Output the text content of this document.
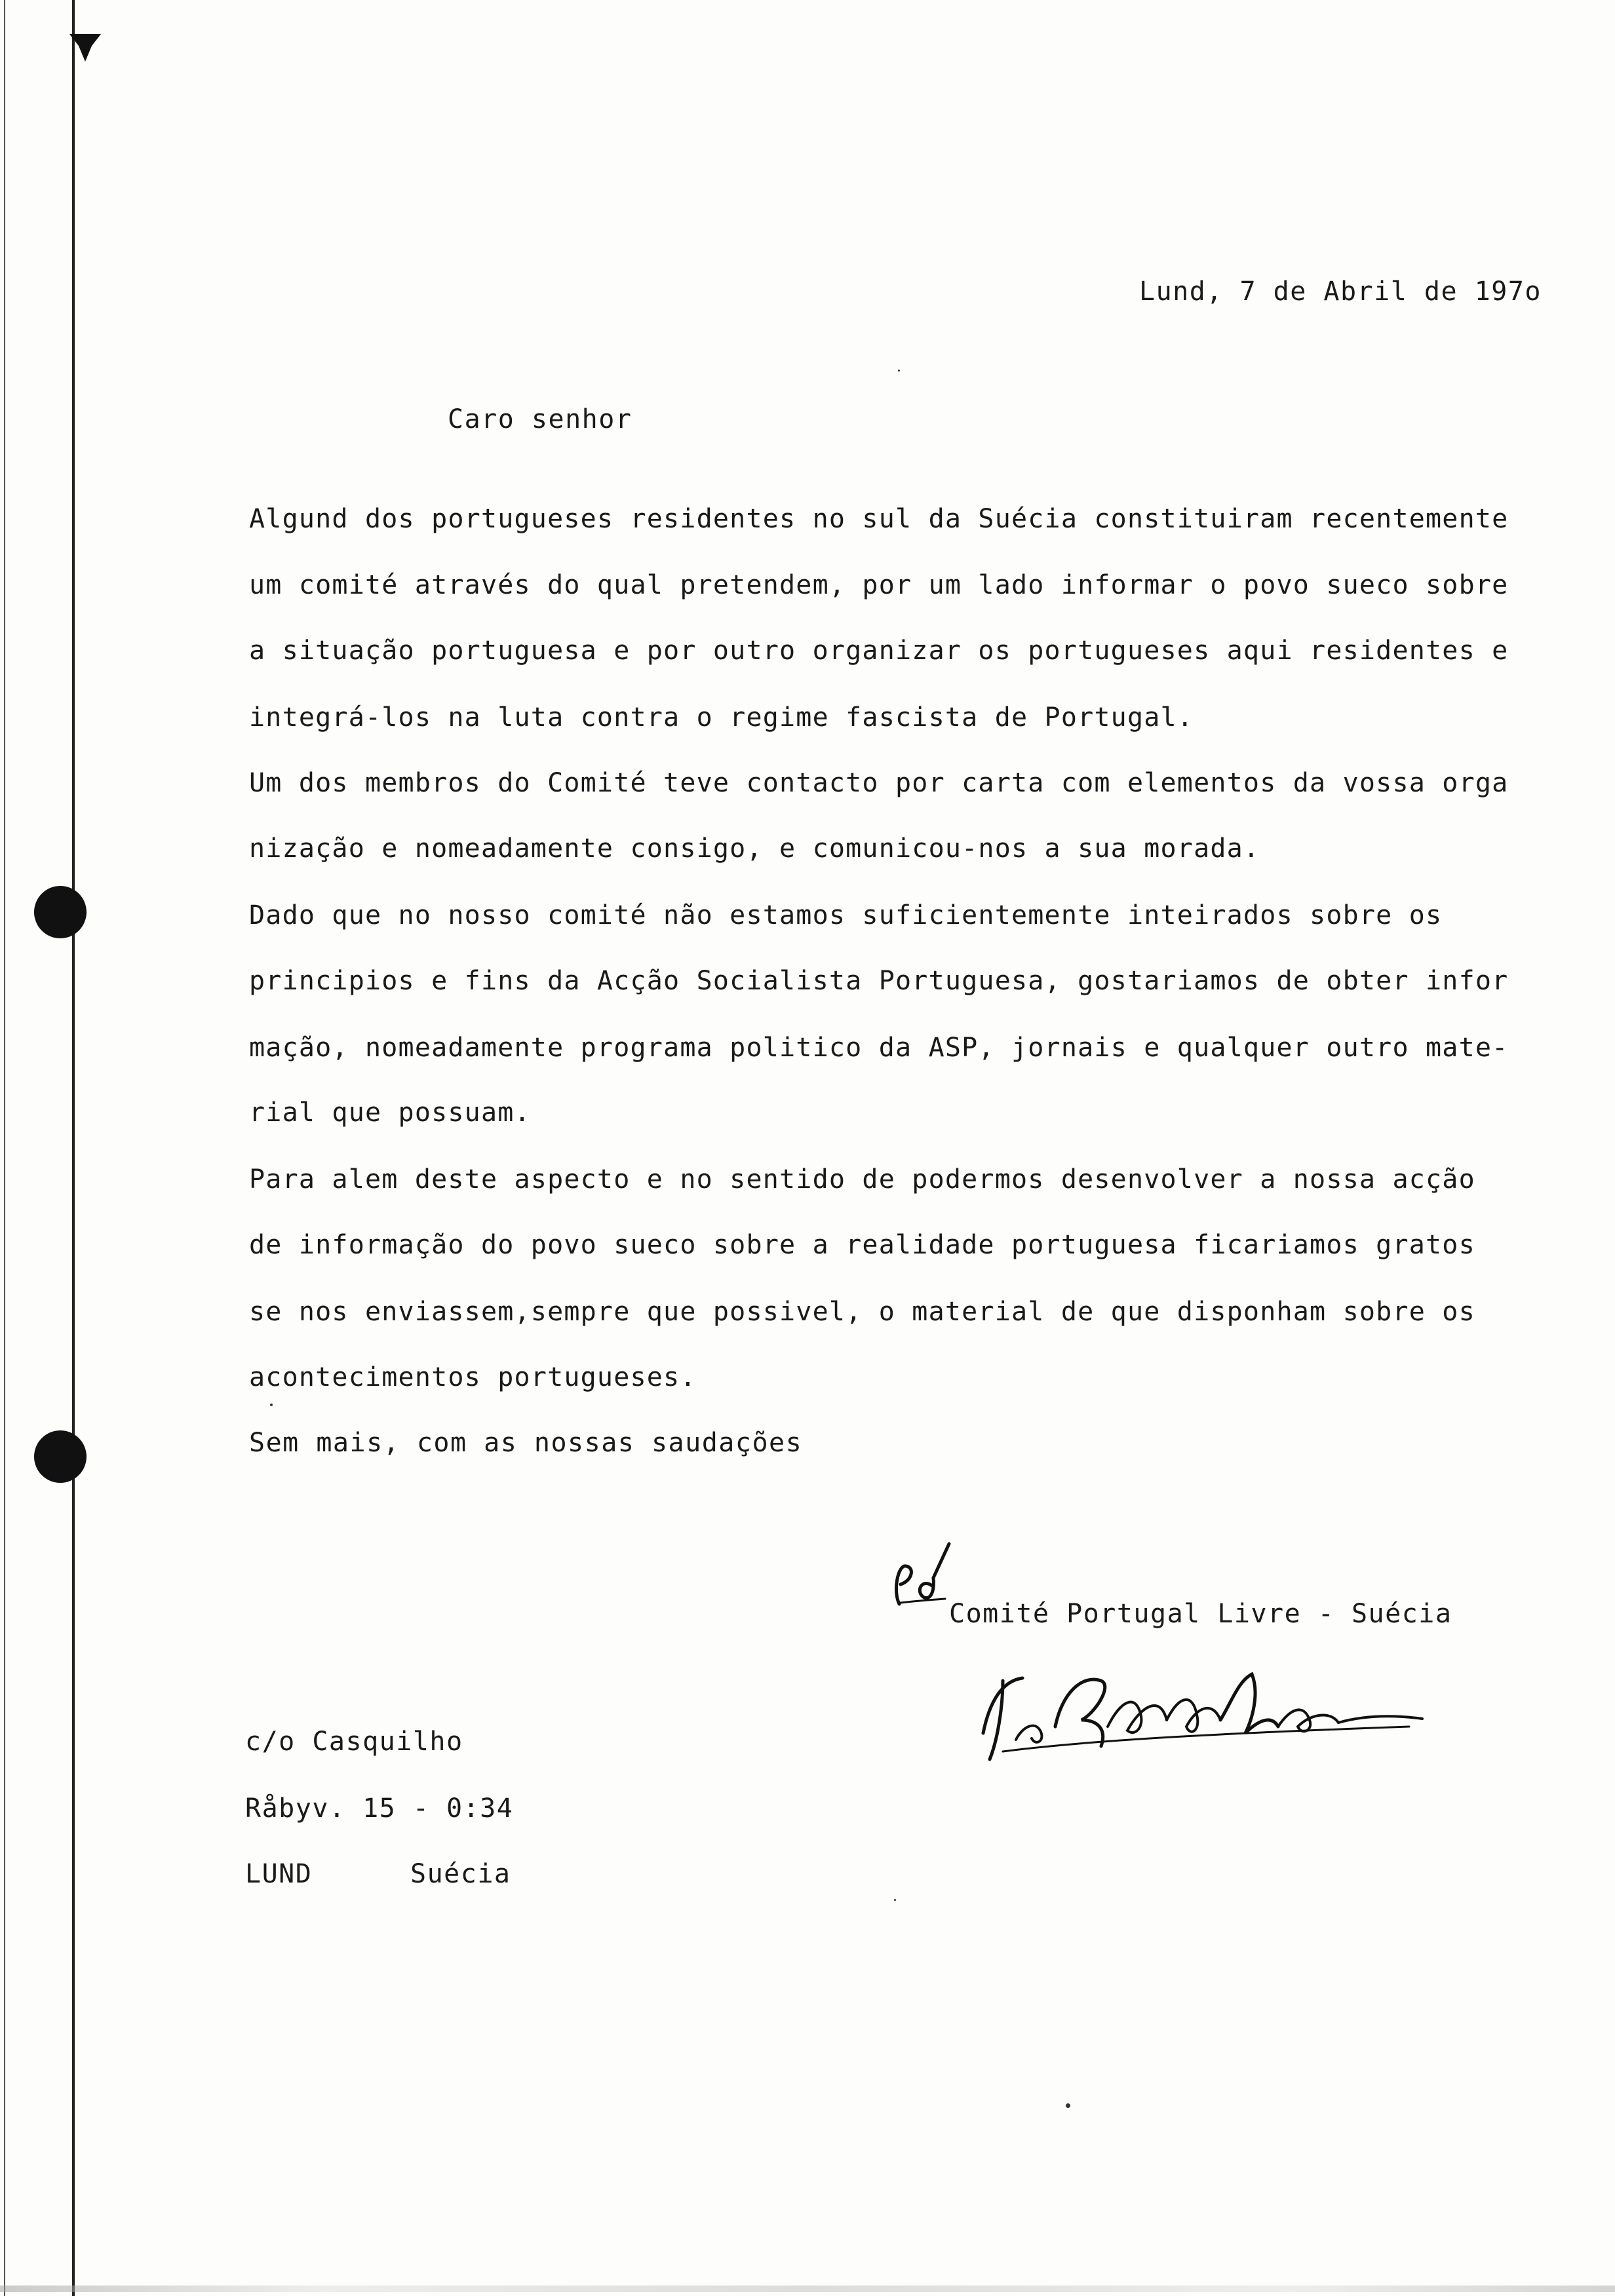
Lund, 7 de Abril de 197o
Caro senhor
Algund dos portugueses residentes no sul da Suécia constituiram recentemente
um comité através do qual pretendem, por um lado informar o povo sueco sobre
a situação portuguesa e por outro organizar os portugueses aqui residentes e
integrá-los na luta contra o regime fascista de Portugal.
Um dos membros do Comité teve contacto por carta com elementos da vossa orga
nização e nomeadamente consigo, e comunicou-nos a sua morada.
Dado que no nosso comité não estamos suficientemente inteirados sobre os
principios e fins da Acção Socialista Portuguesa, gostariamos de obter infor
mação, nomeadamente programa politico da ASP, jornais e qualquer outro mate-
rial que possuam.
Para alem deste aspecto e no sentido de podermos desenvolver a nossa acção
de informação do povo sueco sobre a realidade portuguesa ficariamos gratos
se nos enviassem,sempre que possivel, o material de que disponham sobre os
acontecimentos portugueses.
Sem mais, com as nossas saudações
Pd
Comité Portugal Livre - Suécia
c/o Casquilho
Råbyv. 15 - 0:34
LUND	Suécia
